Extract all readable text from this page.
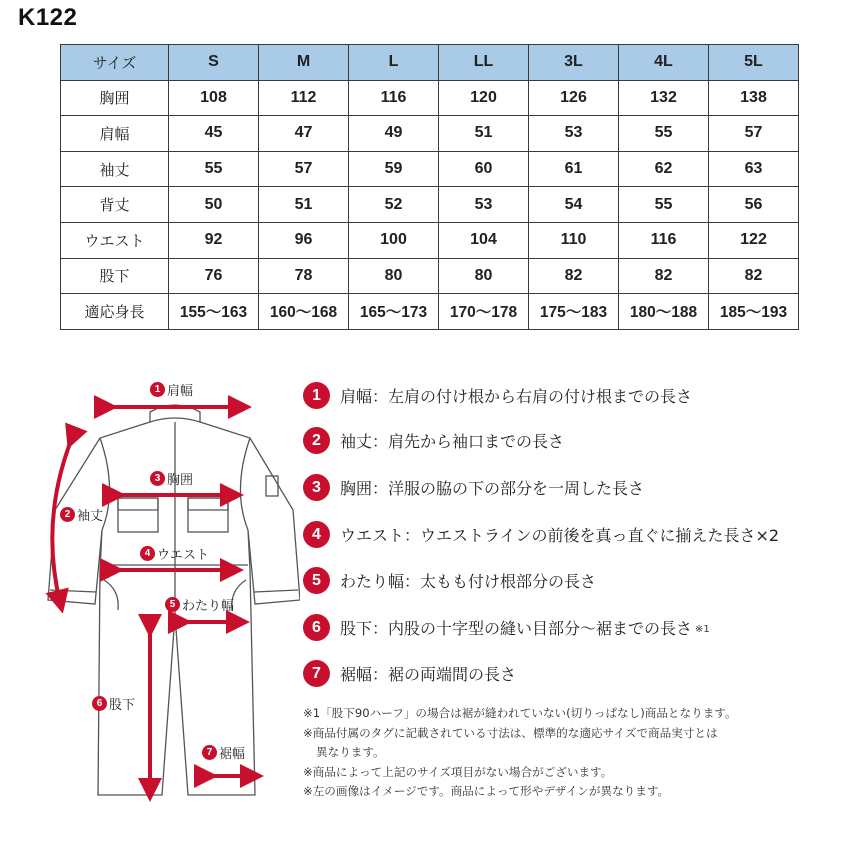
K122
サイズ	S	M	L	LL	3L	4L	5L
胸囲	108	112	116	120	126	132	138
肩幅	45	47	49	51	53	55	57
袖丈	55	57	59	60	61	62	63
背丈	50	51	52	53	54	55	56
ウエスト	92	96	100	104	110	116	122
股下	76	78	80	80	82	82	82
適応身長	155〜163	160〜168	165〜173	170〜178	175〜183	180〜188	185〜193
1 肩幅
2 袖丈
3 胸囲
4 ウエスト
5 わたり幅
6 股下
7 裾幅
1	肩幅：左肩の付け根から右肩の付け根までの長さ
2	袖丈：肩先から袖口までの長さ
3	胸囲：洋服の脇の下の部分を一周した長さ
4	ウエスト：ウエストラインの前後を真っ直ぐに揃えた長さ×2
5	わたり幅：太もも付け根部分の長さ
6	股下：内股の十字型の縫い目部分〜裾までの長さ ※1
7	裾幅：裾の両端間の長さ
※1「股下90ハーフ」の場合は裾が縫われていない(切りっぱなし)商品となります。
※商品付属のタグに記載されている寸法は、標準的な適応サイズで商品実寸とは
異なります。
※商品によって上記のサイズ項目がない場合がございます。
※左の画像はイメージです。商品によって形やデザインが異なります。
